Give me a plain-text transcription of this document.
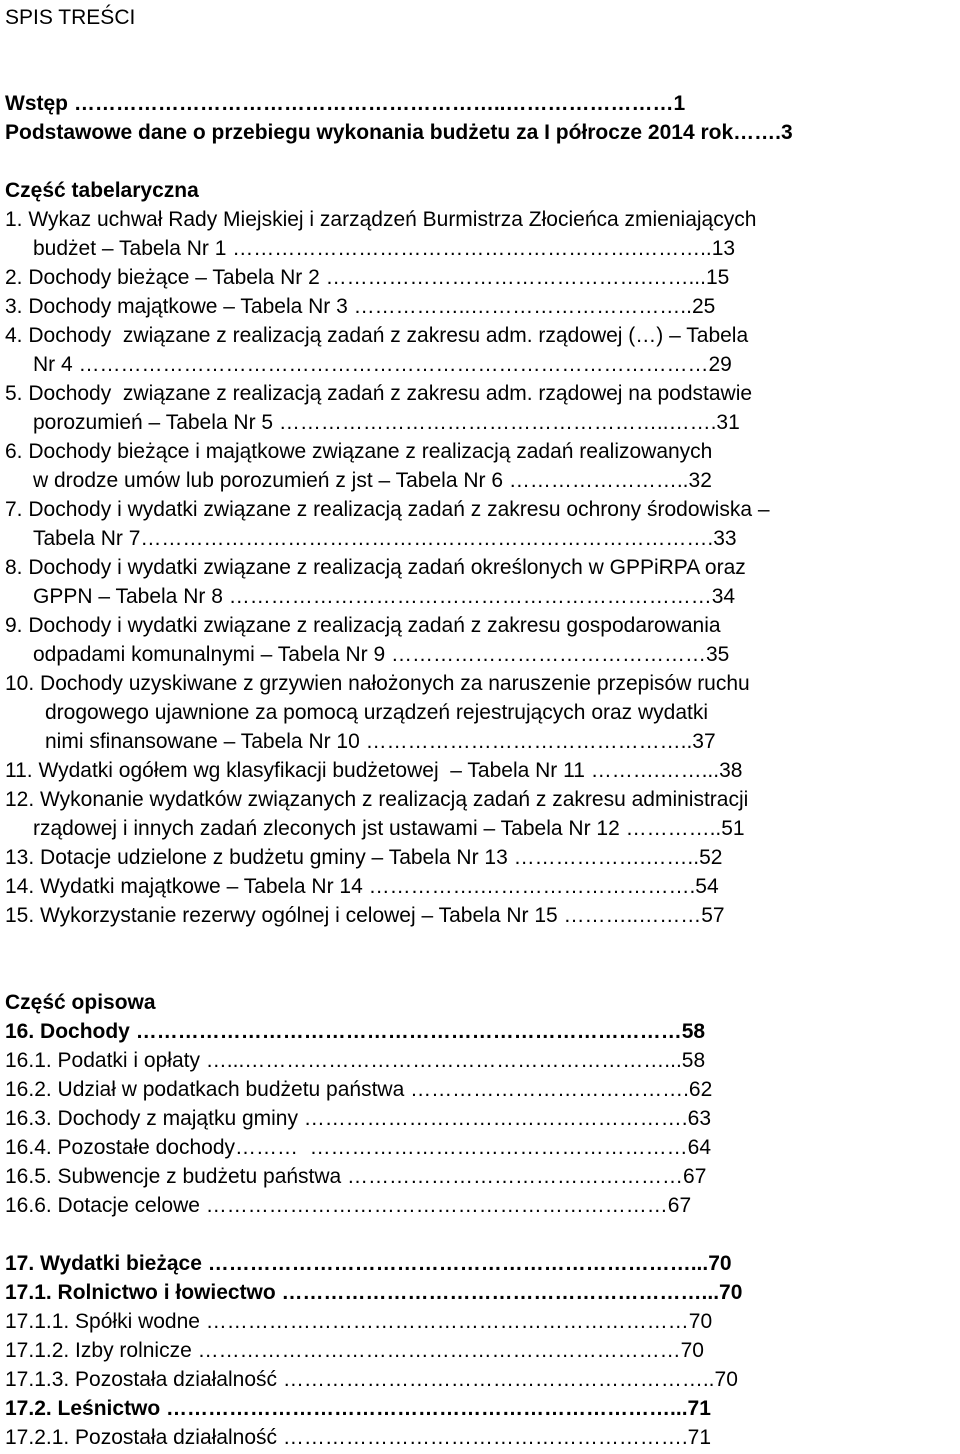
SPIS TREŚCI
Wstęp ……………………………………………………..……………………1
Podstawowe dane o przebiegu wykonania budżetu za I półrocze 2014 rok…….3
Część tabelaryczna
1. Wykaz uchwał Rady Miejskiej i zarządzeń Burmistrza Złocieńca zmieniających
budżet – Tabela Nr 1 ………………………………………………….………..13
2. Dochody bieżące – Tabela Nr 2 ……………………………………….……...15
3. Dochody majątkowe – Tabela Nr 3 ……………..…………………………..25
4. Dochody  związane z realizacją zadań z zakresu adm. rządowej (…) – Tabela
Nr 4 ………………………………………………………………………………29
5. Dochody  związane z realizacją zadań z zakresu adm. rządowej na podstawie
porozumień – Tabela Nr 5 ………………………………………………..…….31
6. Dochody bieżące i majątkowe związane z realizacją zadań realizowanych
w drodze umów lub porozumień z jst – Tabela Nr 6 ……………………..32
7. Dochody i wydatki związane z realizacją zadań z zakresu ochrony środowiska –
Tabela Nr 7……………………………………………………………………….33
8. Dochody i wydatki związane z realizacją zadań określonych w GPPiRPA oraz
GPPN – Tabela Nr 8 ……………………………………………………………34
9. Dochody i wydatki związane z realizacją zadań z zakresu gospodarowania
odpadami komunalnymi – Tabela Nr 9 ………………………………………35
10. Dochody uzyskiwane z grzywien nałożonych za naruszenie przepisów ruchu
drogowego ujawnione za pomocą urządzeń rejestrujących oraz wydatki
nimi sfinansowane – Tabela Nr 10 ………………………………………..37
11. Wydatki ogółem wg klasyfikacji budżetowej  – Tabela Nr 11 ……….……...38
12. Wykonanie wydatków związanych z realizacją zadań z zakresu administracji
rządowej i innych zadań zleconych jst ustawami – Tabela Nr 12 …………..51
13. Dotacje udzielone z budżetu gminy – Tabela Nr 13 ……………….……..52
14. Wydatki majątkowe – Tabela Nr 14 …………….………………………….54
15. Wykorzystanie rezerwy ogólnej i celowej – Tabela Nr 15 ………..………57
Część opisowa
16. Dochody ……………………………………………………………………58
16.1. Podatki i opłaty …...……………………………………………………...58
16.2. Udział w podatkach budżetu państwa ………………………………….62
16.3. Dochody z majątku gminy ……………………………………………….63
16.4. Pozostałe dochody………  ………………………………………………64
16.5. Subwencje z budżetu państwa …………………………………………67
16.6. Dotacje celowe …………………………………………………………67
17. Wydatki bieżące ……………………………………………………………...70
17.1. Rolnictwo i łowiectwo ……………………………………………………...70
17.1.1. Spółki wodne ……………………………………………………………70
17.1.2. Izby rolnicze ……………………………………………………………70
17.1.3. Pozostała działalność ……………………………………………………..70
17.2. Leśnictwo ………………………………………………………………...71
17.2.1. Pozostała działalność ………………………………………………….71
